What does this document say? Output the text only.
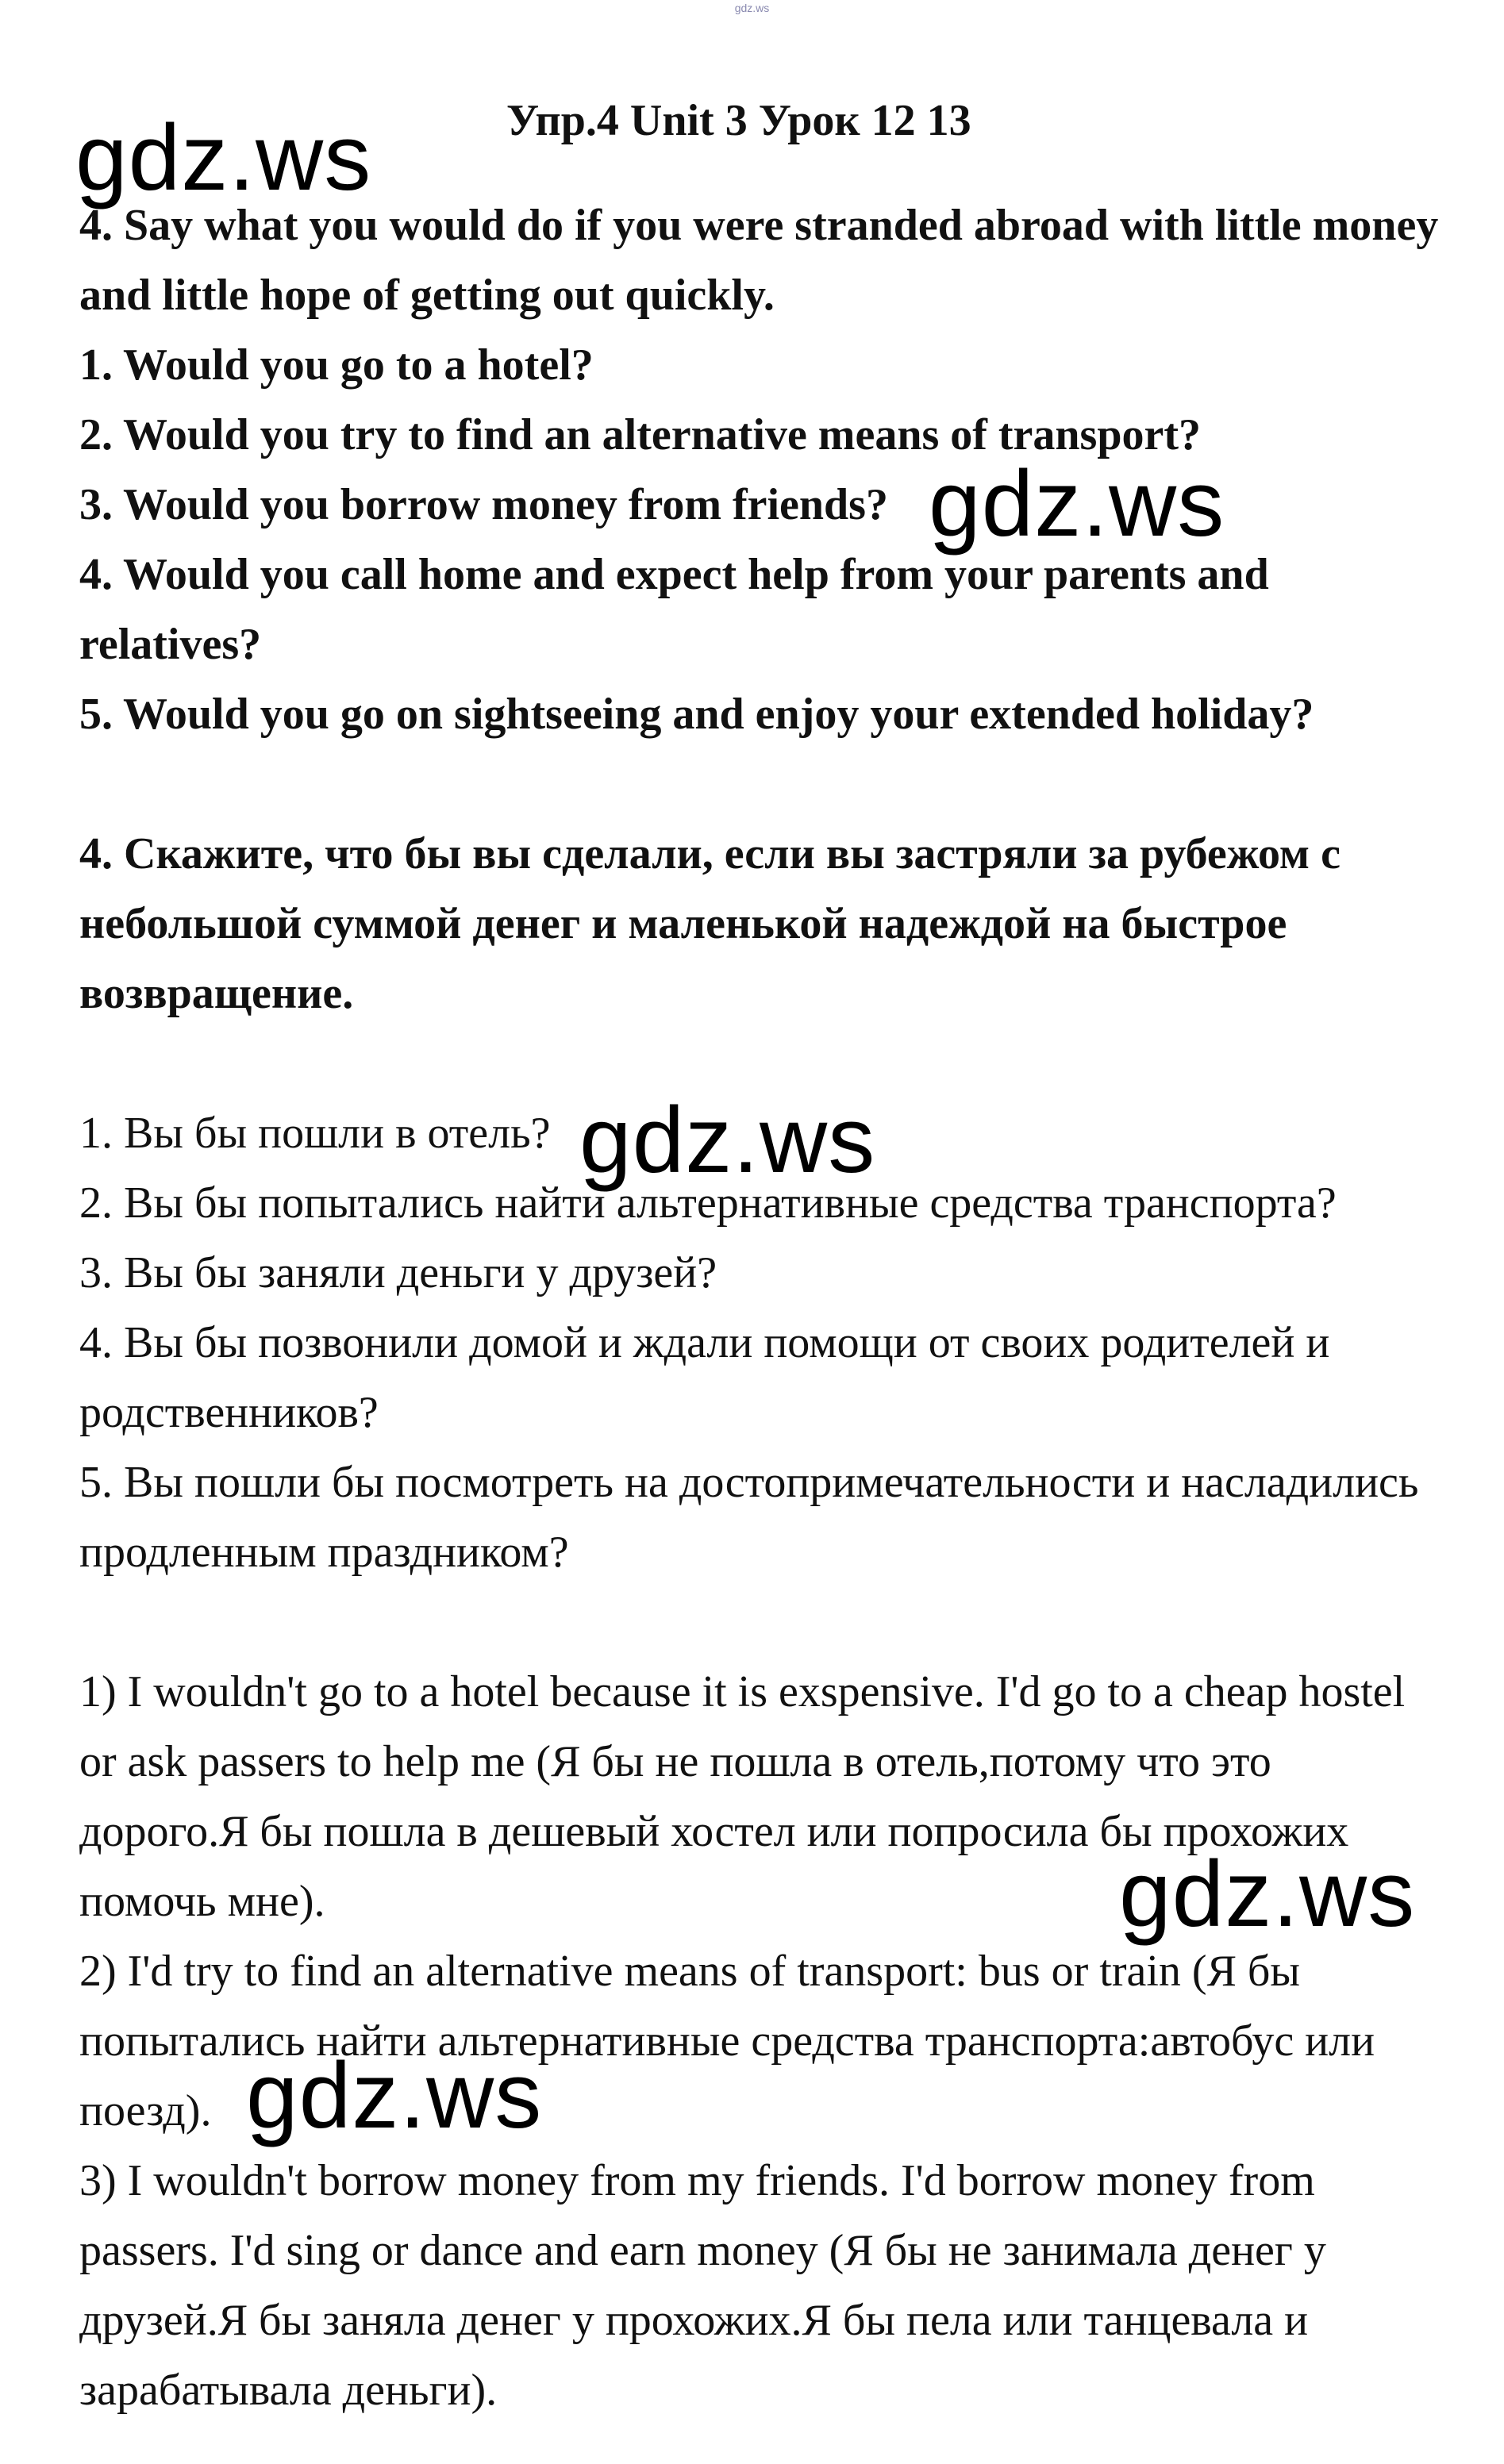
gdz.ws
Упр.4 Unit 3 Урок 12 13

4. Say what you would do if you were stranded abroad with little money and little hope of getting out quickly.

1. Would you go to a hotel?

2. Would you try to find an alternative means of transport?

3. Would you borrow money from friends?

4. Would you call home and expect help from your parents and relatives?

5. Would you go on sightseeing and enjoy your extended holiday?

4. Скажите, что бы вы сделали, если вы застряли за рубежом с небольшой суммой денег и маленькой надеждой на быстрое возвращение.

1. Вы бы пошли в отель?

2. Вы бы попытались найти альтернативные средства транспорта?

3. Вы бы заняли деньги у друзей?

4. Вы бы позвонили домой и ждали помощи от своих родителей и родственников?

5. Вы пошли бы посмотреть на достопримечательности и насладились продленным праздником?

1) I wouldn't go to a hotel because it is exspensive. I'd go to a cheap hostel or ask passers to help me (Я бы не пошла в отель,потому что это дорого.Я бы пошла в дешевый хостел или попросила бы прохожих помочь мне).

2) I'd try to find an alternative means of transport: bus or train (Я бы попытались найти альтернативные средства транспорта:автобус или поезд).

3) I wouldn't borrow money from my friends. I'd borrow money from passers. I'd sing or dance and earn money (Я бы не занимала денег у друзей.Я бы заняла денег у прохожих.Я бы пела или танцевала и зарабатывала деньги).

gdz.ws
gdz.ws
gdz.ws
gdz.ws
gdz.ws
